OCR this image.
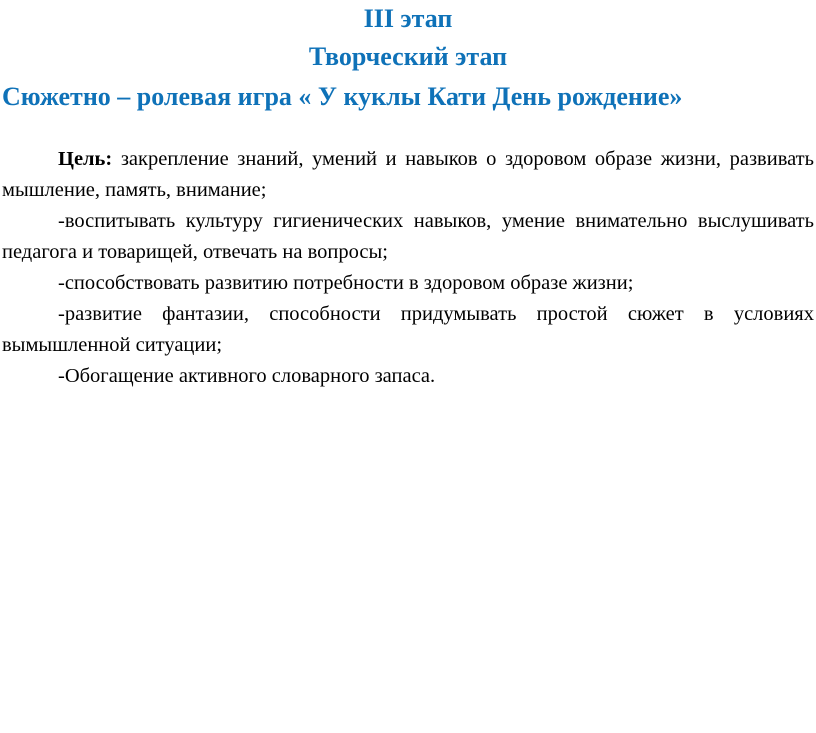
III этап
Творческий этап
Сюжетно – ролевая игра « У куклы Кати День рождение»

Цель: закрепление знаний, умений и навыков о здоровом образе жизни, развивать мышление, память, внимание;

-воспитывать культуру гигиенических навыков, умение внимательно выслушивать педагога и товарищей, отвечать на вопросы;

-способствовать развитию потребности в здоровом образе жизни;

-развитие фантазии, способности придумывать простой сюжет в условиях вымышленной ситуации;

-Обогащение активного словарного запаса.
